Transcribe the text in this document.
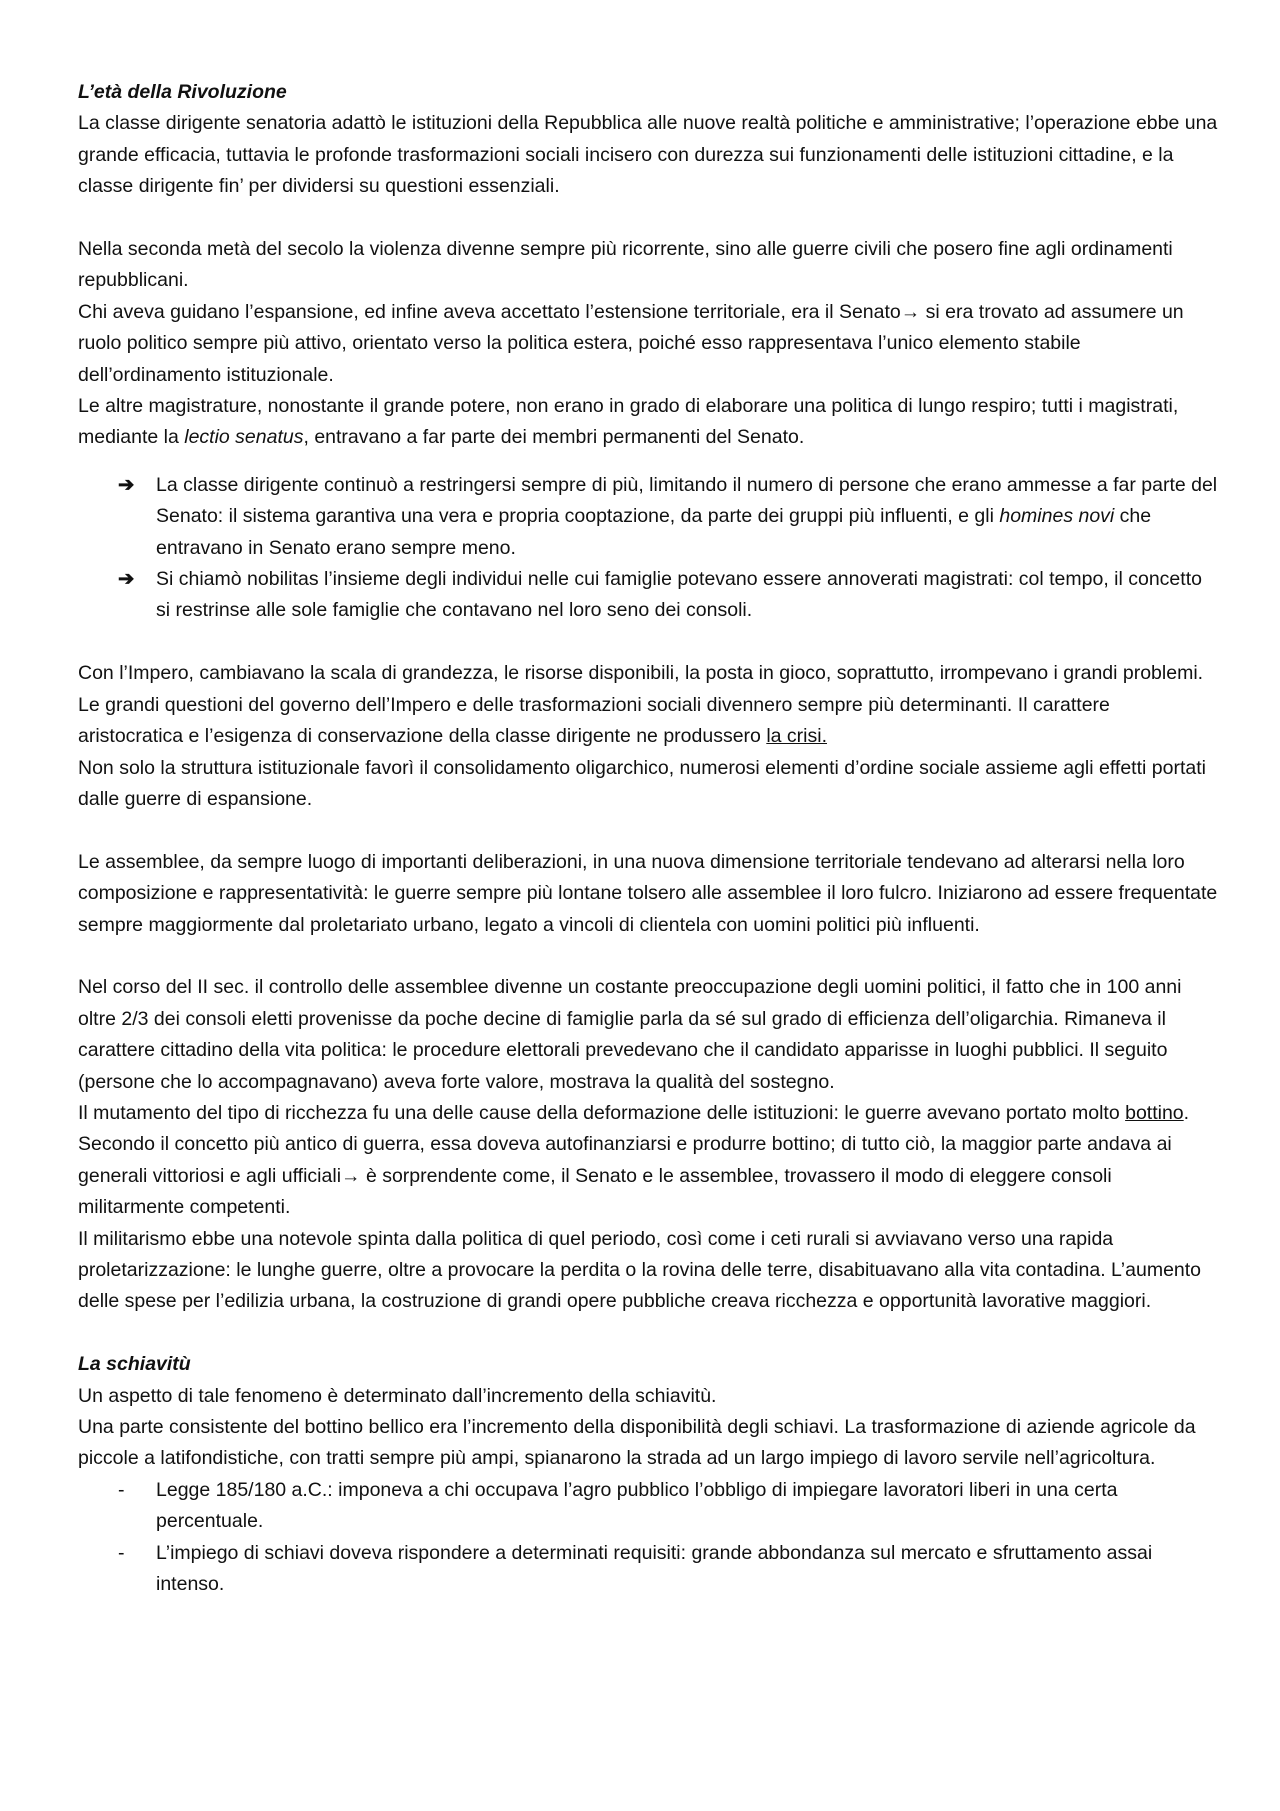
L’età della Rivoluzione

La classe dirigente senatoria adattò le istituzioni della Repubblica alle nuove realtà politiche e amministrative; l’operazione ebbe una grande efficacia, tuttavia le profonde trasformazioni sociali incisero con durezza sui funzionamenti delle istituzioni cittadine, e la classe dirigente fin’ per dividersi su questioni essenziali.

Nella seconda metà del secolo la violenza divenne sempre più ricorrente, sino alle guerre civili che posero fine agli ordinamenti repubblicani.

Chi aveva guidano l’espansione, ed infine aveva accettato l’estensione territoriale, era il Senato→ si era trovato ad assumere un ruolo politico sempre più attivo, orientato verso la politica estera, poiché esso rappresentava l’unico elemento stabile dell’ordinamento istituzionale.

Le altre magistrature, nonostante il grande potere, non erano in grado di elaborare una politica di lungo respiro; tutti i magistrati, mediante la lectio senatus, entravano a far parte dei membri permanenti del Senato.

➔ La classe dirigente continuò a restringersi sempre di più, limitando il numero di persone che erano ammesse a far parte del Senato: il sistema garantiva una vera e propria cooptazione, da parte dei gruppi più influenti, e gli homines novi che entravano in Senato erano sempre meno.
➔ Si chiamò nobilitas l’insieme degli individui nelle cui famiglie potevano essere annoverati magistrati: col tempo, il concetto si restrinse alle sole famiglie che contavano nel loro seno dei consoli.

Con l’Impero, cambiavano la scala di grandezza, le risorse disponibili, la posta in gioco, soprattutto, irrompevano i grandi problemi. Le grandi questioni del governo dell’Impero e delle trasformazioni sociali divennero sempre più determinanti. Il carattere aristocratica e l’esigenza di conservazione della classe dirigente ne produssero la crisi.

Non solo la struttura istituzionale favorì il consolidamento oligarchico, numerosi elementi d’ordine sociale assieme agli effetti portati dalle guerre di espansione.

Le assemblee, da sempre luogo di importanti deliberazioni, in una nuova dimensione territoriale tendevano ad alterarsi nella loro composizione e rappresentatività: le guerre sempre più lontane tolsero alle assemblee il loro fulcro. Iniziarono ad essere frequentate sempre maggiormente dal proletariato urbano, legato a vincoli di clientela con uomini politici più influenti.

Nel corso del II sec. il controllo delle assemblee divenne un costante preoccupazione degli uomini politici, il fatto che in 100 anni oltre 2/3 dei consoli eletti provenisse da poche decine di famiglie parla da sé sul grado di efficienza dell’oligarchia. Rimaneva il carattere cittadino della vita politica: le procedure elettorali prevedevano che il candidato apparisse in luoghi pubblici. Il seguito (persone che lo accompagnavano) aveva forte valore, mostrava la qualità del sostegno.

Il mutamento del tipo di ricchezza fu una delle cause della deformazione delle istituzioni: le guerre avevano portato molto bottino. Secondo il concetto più antico di guerra, essa doveva autofinanziarsi e produrre bottino; di tutto ciò, la maggior parte andava ai generali vittoriosi e agli ufficiali→ è sorprendente come, il Senato e le assemblee, trovassero il modo di eleggere consoli militarmente competenti.

Il militarismo ebbe una notevole spinta dalla politica di quel periodo, così come i ceti rurali si avviavano verso una rapida proletarizzazione: le lunghe guerre, oltre a provocare la perdita o la rovina delle terre, disabituavano alla vita contadina. L’aumento delle spese per l’edilizia urbana, la costruzione di grandi opere pubbliche creava ricchezza e opportunità lavorative maggiori.

La schiavitù

Un aspetto di tale fenomeno è determinato dall’incremento della schiavitù.

Una parte consistente del bottino bellico era l’incremento della disponibilità degli schiavi. La trasformazione di aziende agricole da piccole a latifondistiche, con tratti sempre più ampi, spianarono la strada ad un largo impiego di lavoro servile nell’agricoltura.

- Legge 185/180 a.C.: imponeva a chi occupava l’agro pubblico l’obbligo di impiegare lavoratori liberi in una certa percentuale.
- L’impiego di schiavi doveva rispondere a determinati requisiti: grande abbondanza sul mercato e sfruttamento assai intenso.
